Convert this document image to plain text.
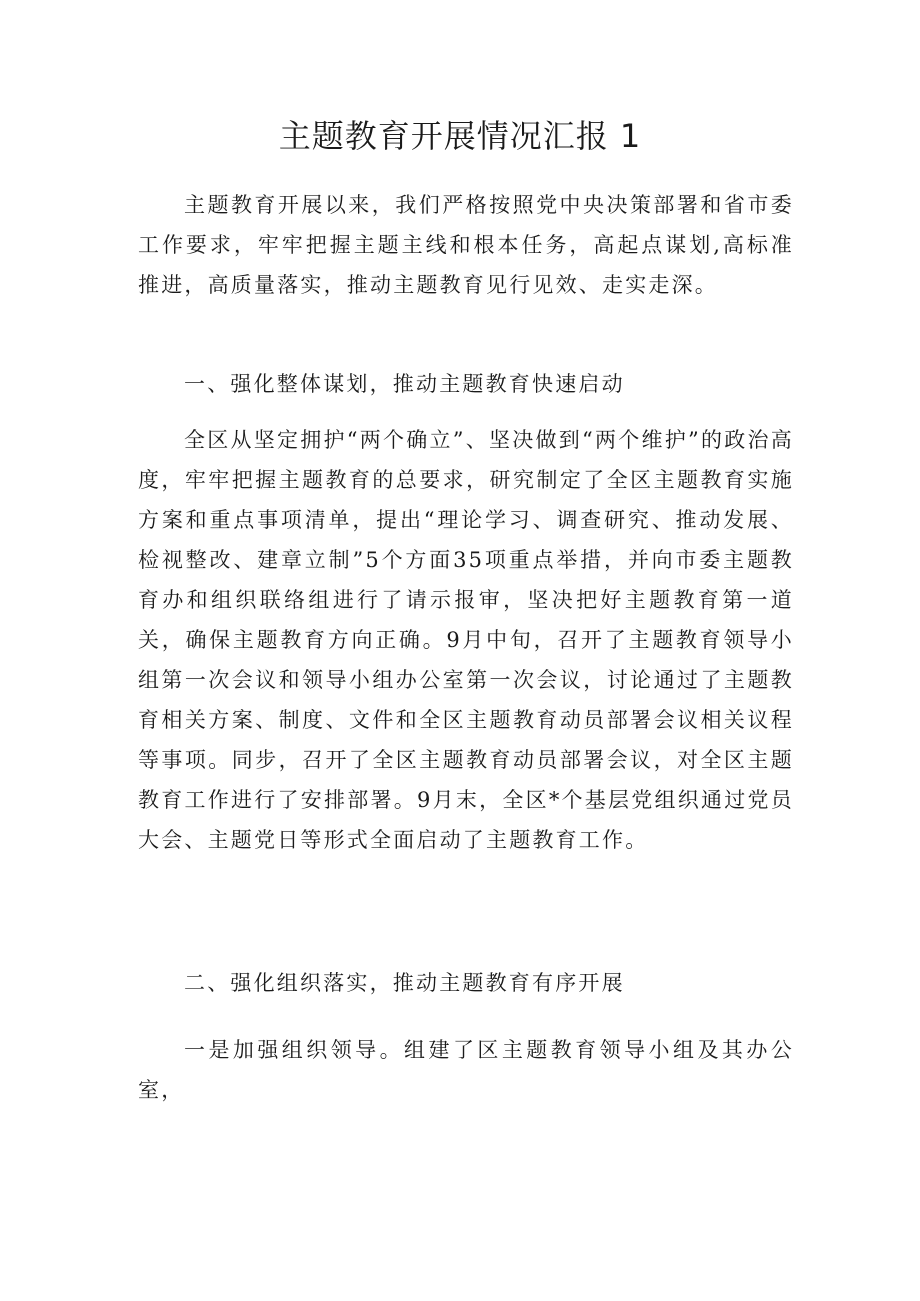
主题教育开展情况汇报 1

主题教育开展以来，我们严格按照党中央决策部署和省市委工作要求，牢牢把握主题主线和根本任务，高起点谋划,高标准推进，高质量落实，推动主题教育见行见效、走实走深。

一、强化整体谋划，推动主题教育快速启动

全区从坚定拥护“两个确立”、坚决做到“两个维护”的政治高度，牢牢把握主题教育的总要求，研究制定了全区主题教育实施方案和重点事项清单，提出“理论学习、调查研究、推动发展、检视整改、建章立制”5个方面35项重点举措，并向市委主题教育办和组织联络组进行了请示报审，坚决把好主题教育第一道关，确保主题教育方向正确。9月中旬，召开了主题教育领导小组第一次会议和领导小组办公室第一次会议，讨论通过了主题教育相关方案、制度、文件和全区主题教育动员部署会议相关议程等事项。同步，召开了全区主题教育动员部署会议，对全区主题教育工作进行了安排部署。9月末，全区*个基层党组织通过党员大会、主题党日等形式全面启动了主题教育工作。

二、强化组织落实，推动主题教育有序开展

一是加强组织领导。组建了区主题教育领导小组及其办公室，
